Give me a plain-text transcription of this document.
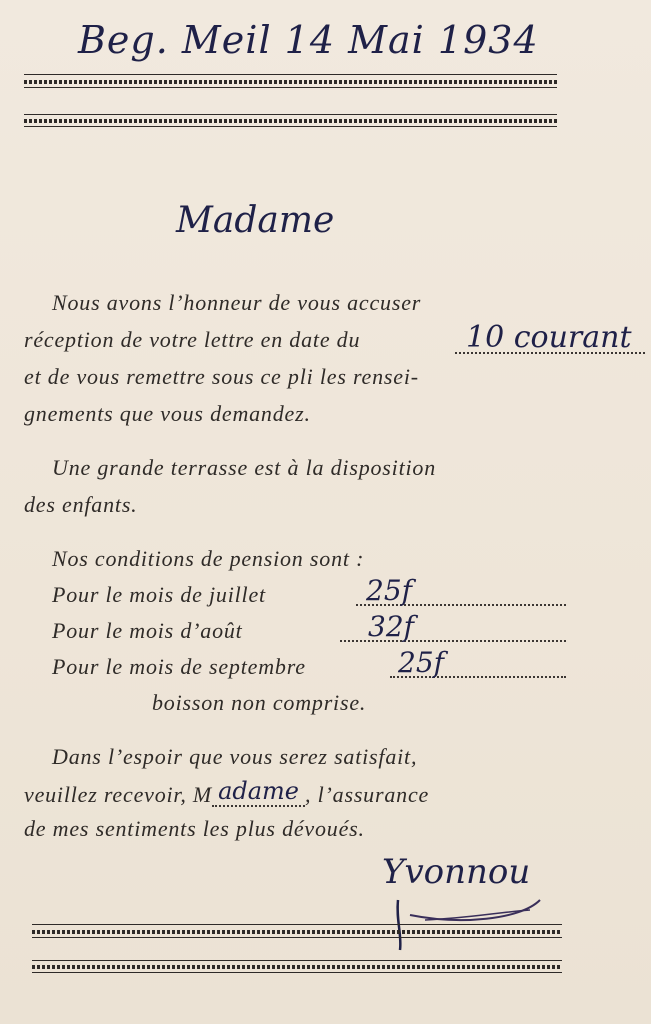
Beg. Meil 14 Mai 1934
Madame
Nous avons l’honneur de vous accuser
réception de votre lettre en date du	10 courant
et de vous remettre sous ce pli les rensei-
gnements que vous demandez.
Une grande terrasse est à la disposition
des enfants.
Nos conditions de pension sont :
Pour le mois de juillet	25f
Pour le mois d’août	32f
Pour le mois de septembre	25f
boisson non comprise.
Dans l’espoir que vous serez satisfait,
veuillez recevoir, M adame , l’assurance
de mes sentiments les plus dévoués.
Yvonnou
